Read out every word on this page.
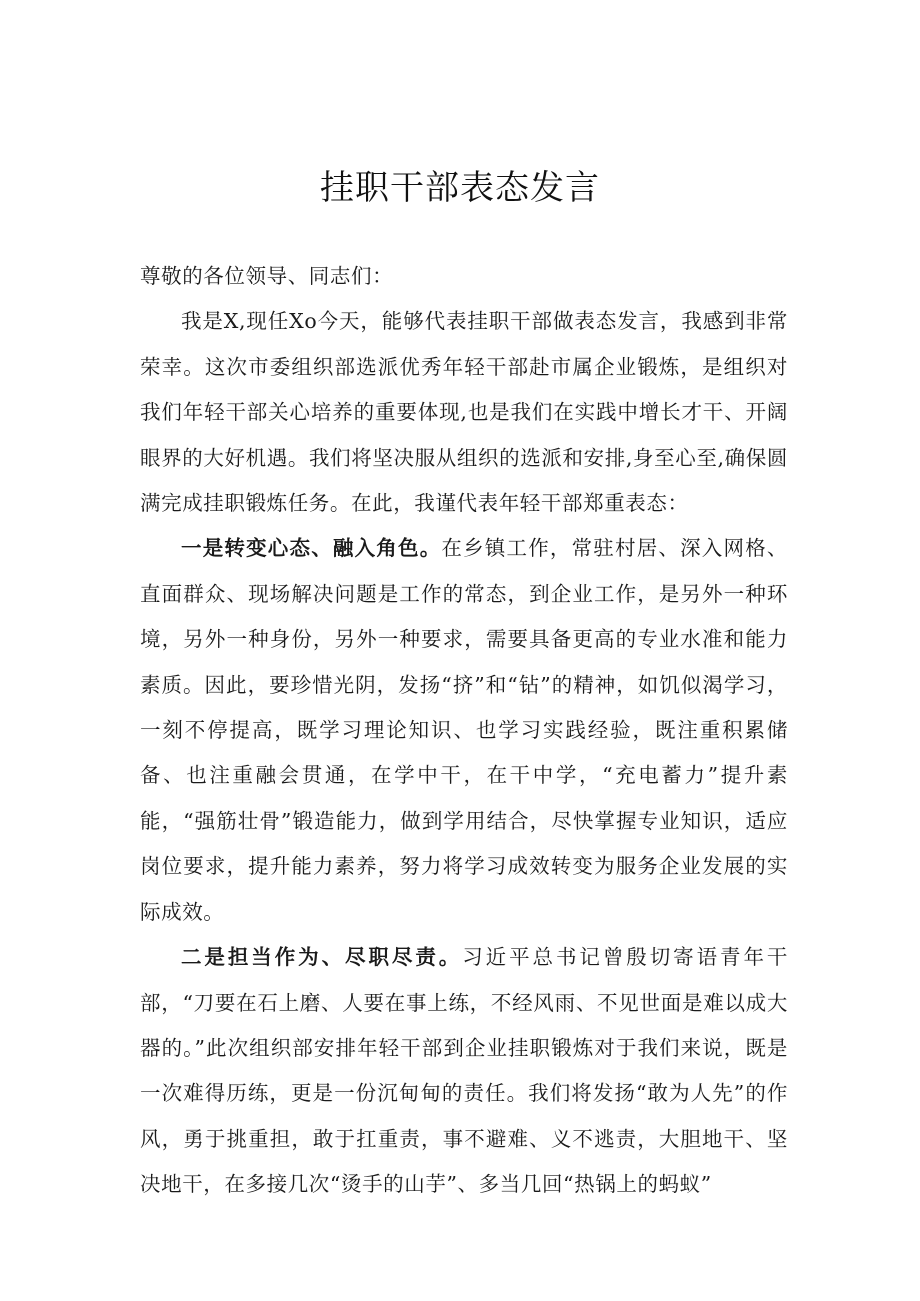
挂职干部表态发言

尊敬的各位领导、同志们：

我是X,现任Xo今天，能够代表挂职干部做表态发言，我感到非常荣幸。这次市委组织部选派优秀年轻干部赴市属企业锻炼，是组织对我们年轻干部关心培养的重要体现,也是我们在实践中增长才干、开阔眼界的大好机遇。我们将坚决服从组织的选派和安排,身至心至,确保圆满完成挂职锻炼任务。在此，我谨代表年轻干部郑重表态：

一是转变心态、融入角色。在乡镇工作，常驻村居、深入网格、直面群众、现场解决问题是工作的常态，到企业工作，是另外一种环境，另外一种身份，另外一种要求，需要具备更高的专业水准和能力素质。因此，要珍惜光阴，发扬“挤”和“钻”的精神，如饥似渴学习，一刻不停提高，既学习理论知识、也学习实践经验，既注重积累储备、也注重融会贯通，在学中干，在干中学，“充电蓄力”提升素能，“强筋壮骨”锻造能力，做到学用结合，尽快掌握专业知识，适应岗位要求，提升能力素养，努力将学习成效转变为服务企业发展的实际成效。

二是担当作为、尽职尽责。习近平总书记曾殷切寄语青年干部，“刀要在石上磨、人要在事上练，不经风雨、不见世面是难以成大器的。”此次组织部安排年轻干部到企业挂职锻炼对于我们来说，既是一次难得历练，更是一份沉甸甸的责任。我们将发扬“敢为人先”的作风，勇于挑重担，敢于扛重责，事不避难、义不逃责，大胆地干、坚决地干，在多接几次“烫手的山芋”、多当几回“热锅上的蚂蚁”
